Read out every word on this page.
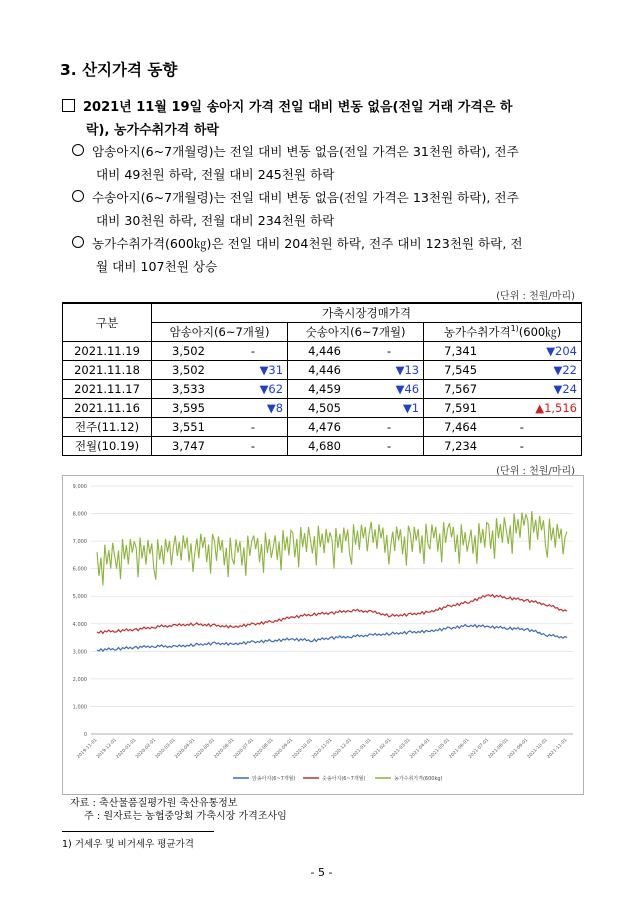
3. 산지가격 동향
2021년 11월 19일 송아지 가격 전일 대비 변동 없음(전일 거래 가격은 하
락), 농가수취가격 하락
암송아지(6~7개월령)는 전일 대비 변동 없음(전일 가격은 31천원 하락), 전주
대비 49천원 하락, 전월 대비 245천원 하락
수송아지(6~7개월령)는 전일 대비 변동 없음(전일 가격은 13천원 하락), 전주
대비 30천원 하락, 전월 대비 234천원 하락
농가수취가격(600㎏)은 전일 대비 204천원 하락, 전주 대비 123천원 하락, 전
월 대비 107천원 상승
(단위 : 천원/마리)
구분	가축시장경매가격					
	암송아지(6~7개월)		숫송아지(6~7개월)		농가수취가격$^{1)}$(600㎏)	
2021.11.19	3,502	-	4,446	-	7,341	▼204
2021.11.18	3,502	▼31	4,446	▼13	7,545	▼22
2021.11.17	3,533	▼62	4,459	▼46	7,567	▼24
2021.11.16	3,595	▼8	4,505	▼1	7,591	▲1,516
전주(11.12)	3,551	-	4,476	-	7,464	-
전월(10.19)	3,747	-	4,680	-	7,234	-
(단위 : 천원/마리)
0
1,000
2,000
3,000
4,000
5,000
6,000
7,000
8,000
9,000
2019-11-01
2019-12-01
2020-01-01
2020-02-01
2020-03-01
2020-04-01
2020-05-01
2020-06-01
2020-07-01
2020-08-01
2020-09-01
2020-10-01
2020-11-01
2020-12-01
2021-01-01
2021-02-01
2021-03-01
2021-04-01
2021-05-01
2021-06-01
2021-07-01
2021-08-01
2021-09-01
2021-10-01
2021-11-01
암송아지(6~7개월)	숫송아지(6~7개월)	농가수취가격(600kg)
자료 : 축산물품질평가원 축산유통정보
주 : 원자료는 농협중앙회 가축시장 가격조사임
1) 거세우 및 비거세우 평균가격
- 5 -
